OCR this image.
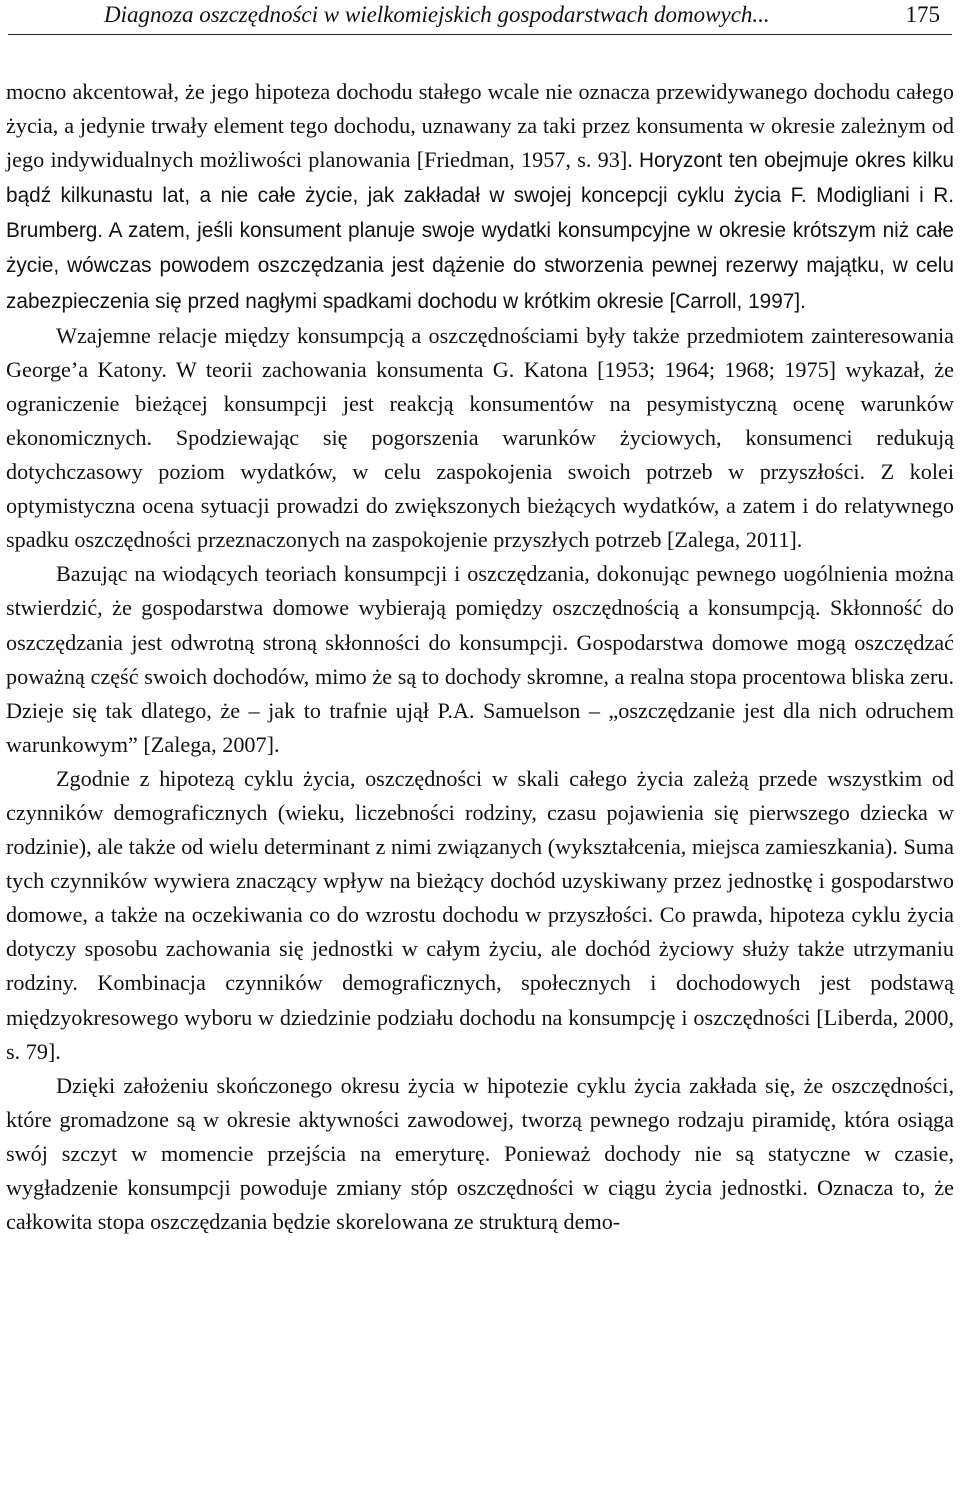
Diagnoza oszczędności w wielkomiejskich gospodarstwach domowych...	175

mocno akcentował, że jego hipoteza dochodu stałego wcale nie oznacza przewidywanego dochodu całego życia, a jedynie trwały element tego dochodu, uznawany za taki przez konsumenta w okresie zależnym od jego indywidualnych możliwości planowania [Friedman, 1957, s. 93]. Horyzont ten obejmuje okres kilku bądź kilkunastu lat, a nie całe życie, jak zakładał w swojej koncepcji cyklu życia F. Modigliani i R. Brumberg. A zatem, jeśli konsument planuje swoje wydatki konsumpcyjne w okresie krótszym niż całe życie, wówczas powodem oszczędzania jest dążenie do stworzenia pewnej rezerwy majątku, w celu zabezpieczenia się przed nagłymi spadkami dochodu w krótkim okresie [Carroll, 1997].

Wzajemne relacje między konsumpcją a oszczędnościami były także przedmiotem zainteresowania George’a Katony. W teorii zachowania konsumenta G. Katona [1953; 1964; 1968; 1975] wykazał, że ograniczenie bieżącej konsumpcji jest reakcją konsumentów na pesymistyczną ocenę warunków ekonomicznych. Spodziewając się pogorszenia warunków życiowych, konsumenci redukują dotychczasowy poziom wydatków, w celu zaspokojenia swoich potrzeb w przyszłości. Z kolei optymistyczna ocena sytuacji prowadzi do zwiększonych bieżących wydatków, a zatem i do relatywnego spadku oszczędności przeznaczonych na zaspokojenie przyszłych potrzeb [Zalega, 2011].

Bazując na wiodących teoriach konsumpcji i oszczędzania, dokonując pewnego uogólnienia można stwierdzić, że gospodarstwa domowe wybierają pomiędzy oszczędnością a konsumpcją. Skłonność do oszczędzania jest odwrotną stroną skłonności do konsumpcji. Gospodarstwa domowe mogą oszczędzać poważną część swoich dochodów, mimo że są to dochody skromne, a realna stopa procentowa bliska zeru. Dzieje się tak dlatego, że – jak to trafnie ujął P.A. Samuelson – „oszczędzanie jest dla nich odruchem warunkowym” [Zalega, 2007].

Zgodnie z hipotezą cyklu życia, oszczędności w skali całego życia zależą przede wszystkim od czynników demograficznych (wieku, liczebności rodziny, czasu pojawienia się pierwszego dziecka w rodzinie), ale także od wielu determinant z nimi związanych (wykształcenia, miejsca zamieszkania). Suma tych czynników wywiera znaczący wpływ na bieżący dochód uzyskiwany przez jednostkę i gospodarstwo domowe, a także na oczekiwania co do wzrostu dochodu w przyszłości. Co prawda, hipoteza cyklu życia dotyczy sposobu zachowania się jednostki w całym życiu, ale dochód życiowy służy także utrzymaniu rodziny. Kombinacja czynników demograficznych, społecznych i dochodowych jest podstawą międzyokresowego wyboru w dziedzinie podziału dochodu na konsumpcję i oszczędności [Liberda, 2000, s. 79].

Dzięki założeniu skończonego okresu życia w hipotezie cyklu życia zakłada się, że oszczędności, które gromadzone są w okresie aktywności zawodowej, tworzą pewnego rodzaju piramidę, która osiąga swój szczyt w momencie przejścia na emeryturę. Ponieważ dochody nie są statyczne w czasie, wygładzenie konsumpcji powoduje zmiany stóp oszczędności w ciągu życia jednostki. Oznacza to, że całkowita stopa oszczędzania będzie skorelowana ze strukturą demo-
